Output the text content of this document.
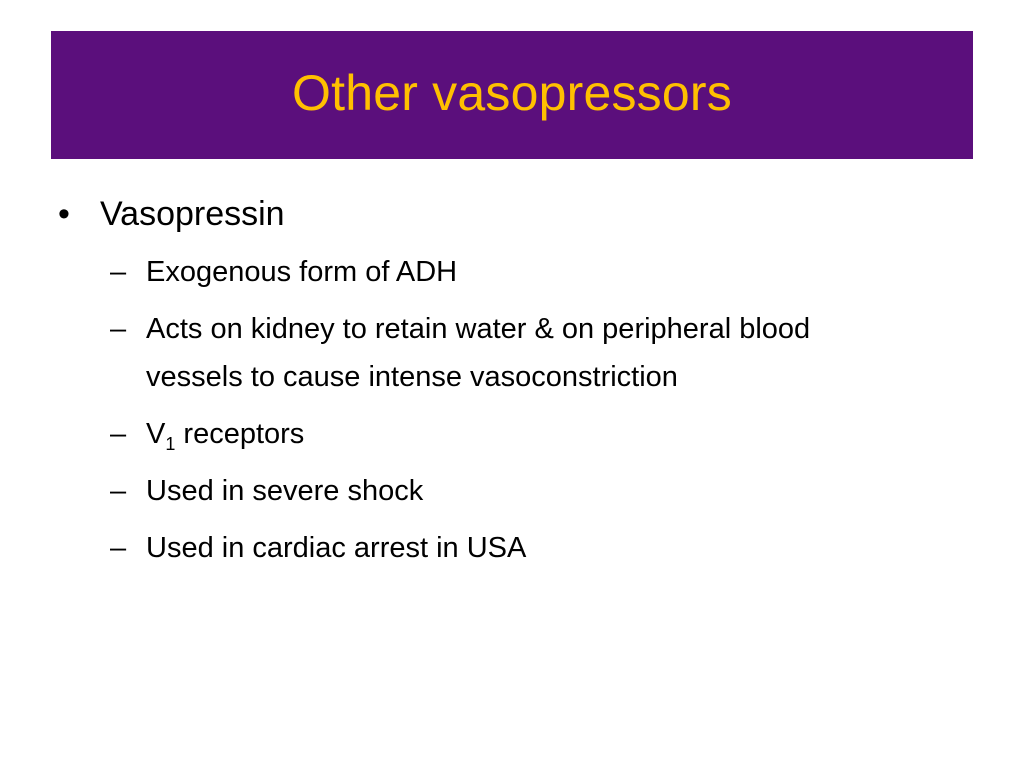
Other vasopressors
• Vasopressin
– Exogenous form of ADH
– Acts on kidney to retain water & on peripheral blood vessels to cause intense vasoconstriction
– $V_1$ receptors
– Used in severe shock
– Used in cardiac arrest in USA
